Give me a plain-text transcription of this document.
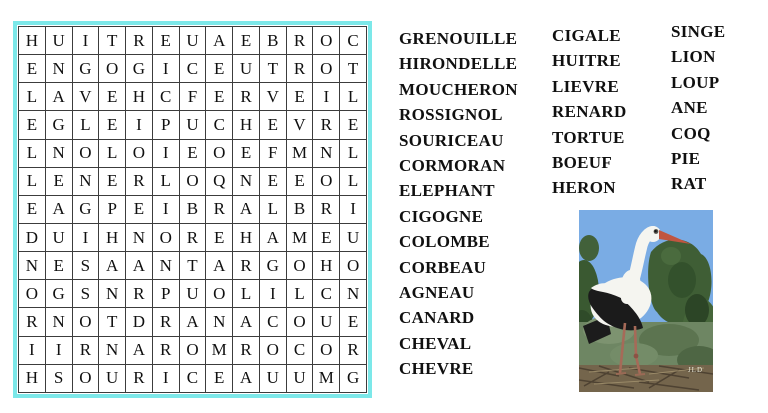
H	U	I	T	R	E	U	A	E	B	R	O	C
E	N	G	O	G	I	C	E	U	T	R	O	T
L	A	V	E	H	C	F	E	R	V	E	I	L
E	G	L	E	I	P	U	C	H	E	V	R	E
L	N	O	L	O	I	E	O	E	F	M	N	L
L	E	N	E	R	L	O	Q	N	E	E	O	L
E	A	G	P	E	I	B	R	A	L	B	R	I
D	U	I	H	N	O	R	E	H	A	M	E	U
N	E	S	A	A	N	T	A	R	G	O	H	O
O	G	S	N	R	P	U	O	L	I	L	C	N
R	N	O	T	D	R	A	N	A	C	O	U	E
I	I	R	N	A	R	O	M	R	O	C	O	R
H	S	O	U	R	I	C	E	A	U	U	M	G
GRENOUILLE
HIRONDELLE
MOUCHERON
ROSSIGNOL
SOURICEAU
CORMORAN
ELEPHANT
CIGOGNE
COLOMBE
CORBEAU
AGNEAU
CANARD
CHEVAL
CHEVRE
CIGALE
HUITRE
LIEVRE
RENARD
TORTUE
BOEUF
HERON
SINGE
LION
LOUP
ANE
COQ
PIE
RAT
JLD
